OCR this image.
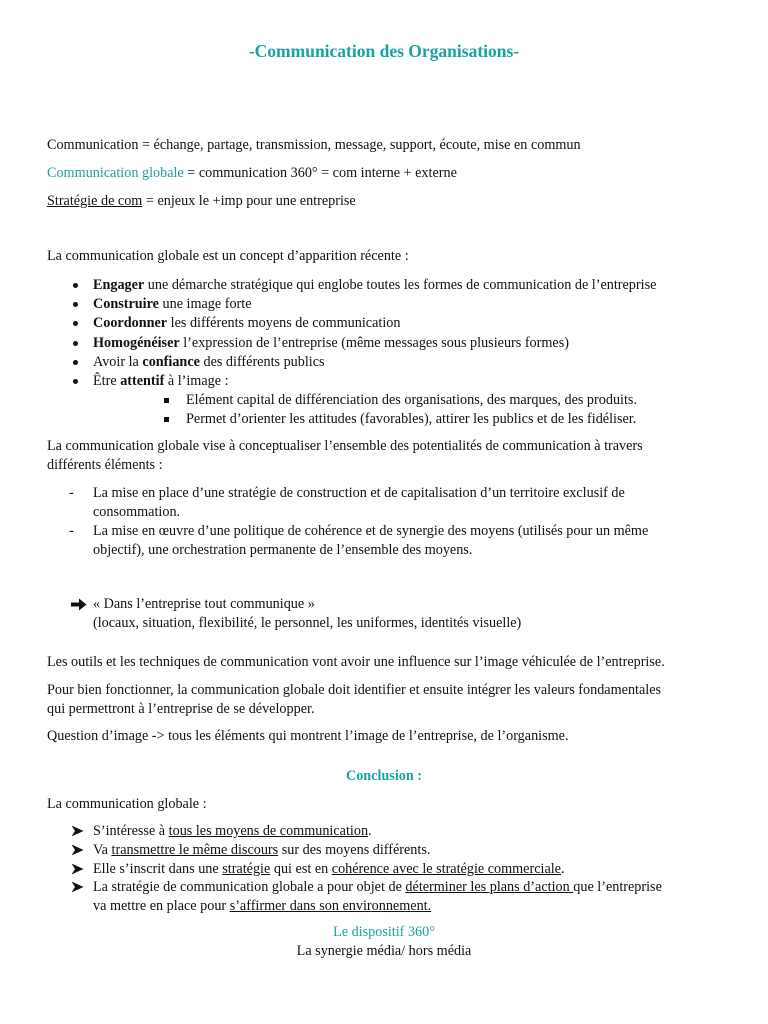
-Communication des Organisations-
Communication = échange, partage, transmission, message, support, écoute, mise en commun
Communication globale = communication 360° = com interne + externe
Stratégie de com = enjeux le +imp pour une entreprise
La communication globale est un concept d’apparition récente :
Engager une démarche stratégique qui englobe toutes les formes de communication de l’entreprise
Construire une image forte
Coordonner les différents moyens de communication
Homogénéiser l’expression de l’entreprise (même messages sous plusieurs formes)
Avoir la confiance des différents publics
Être attentif à l’image :
Elément capital de différenciation des organisations, des marques, des produits.
Permet d’orienter les attitudes (favorables), attirer les publics et de les fidéliser.
La communication globale vise à conceptualiser l’ensemble des potentialités de communication à travers
différents éléments :
- La mise en place d’une stratégie de construction et de capitalisation d’un territoire exclusif de
consommation.
- La mise en œuvre d’une politique de cohérence et de synergie des moyens (utilisés pour un même
objectif), une orchestration permanente de l’ensemble des moyens.
« Dans l’entreprise tout communique »
(locaux, situation, flexibilité, le personnel, les uniformes, identités visuelle)
Les outils et les techniques de communication vont avoir une influence sur l’image véhiculée de l’entreprise.
Pour bien fonctionner, la communication globale doit identifier et ensuite intégrer les valeurs fondamentales
qui permettront à l’entreprise de se développer.
Question d’image -> tous les éléments qui montrent l’image de l’entreprise, de l’organisme.
Conclusion :
La communication globale :
S’intéresse à tous les moyens de communication.
Va transmettre le même discours sur des moyens différents.
Elle s’inscrit dans une stratégie qui est en cohérence avec le stratégie commerciale.
La stratégie de communication globale a pour objet de déterminer les plans d’action que l’entreprise
va mettre en place pour s’affirmer dans son environnement.
Le dispositif 360°
La synergie média/ hors média
